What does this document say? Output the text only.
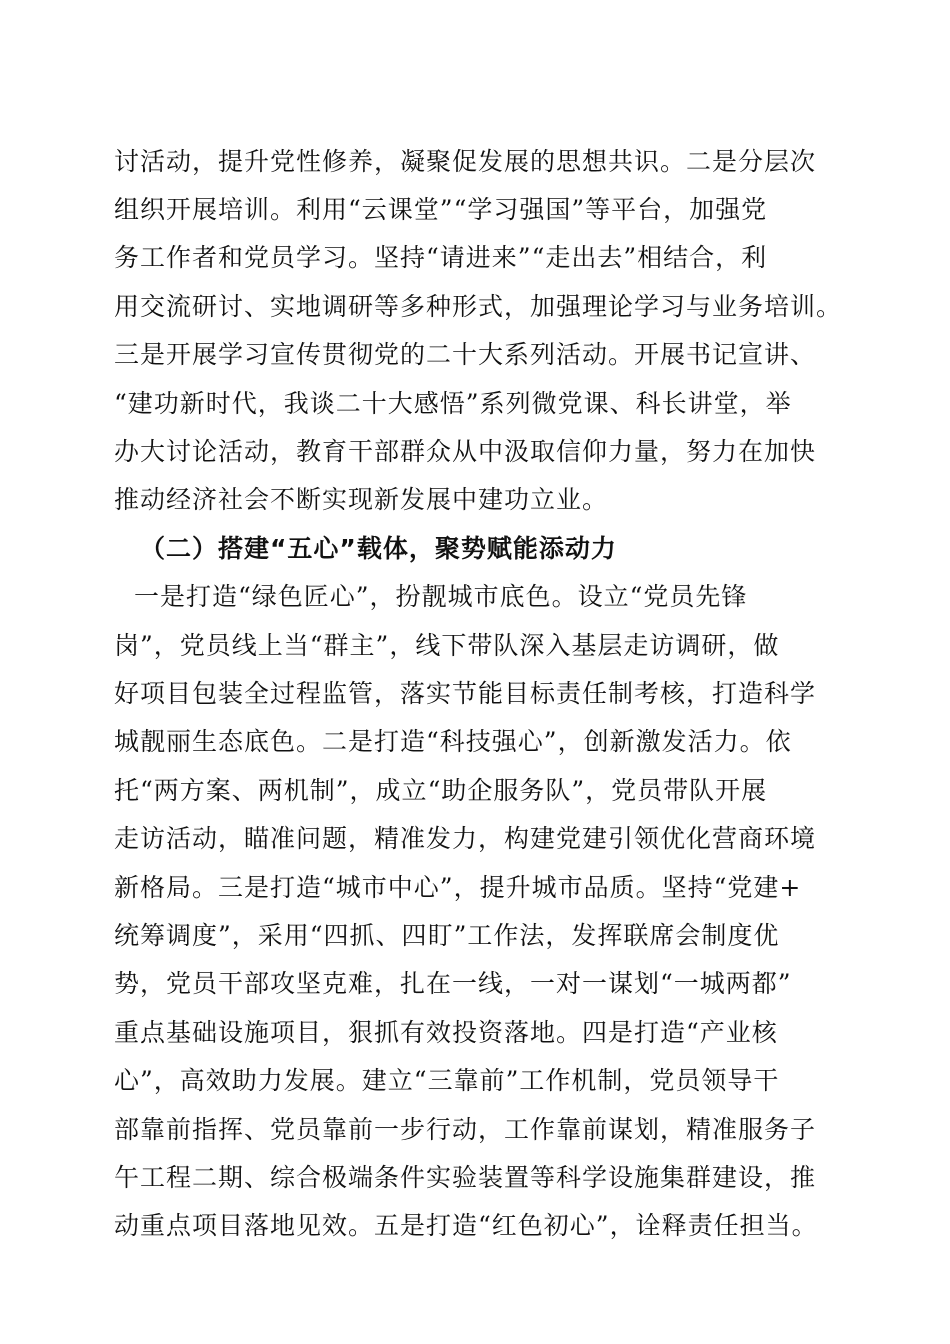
讨活动，提升党性修养，凝聚促发展的思想共识。二是分层次
组织开展培训。利用“云课堂”“学习强国”等平台，加强党
务工作者和党员学习。坚持“请进来”“走出去”相结合，利
用交流研讨、实地调研等多种形式，加强理论学习与业务培训。
三是开展学习宣传贯彻党的二十大系列活动。开展书记宣讲、
“建功新时代，我谈二十大感悟”系列微党课、科长讲堂，举
办大讨论活动，教育干部群众从中汲取信仰力量，努力在加快
推动经济社会不断实现新发展中建功立业。
（二）搭建“五心”载体，聚势赋能添动力
一是打造“绿色匠心”，扮靓城市底色。设立“党员先锋
岗”，党员线上当“群主”，线下带队深入基层走访调研，做
好项目包装全过程监管，落实节能目标责任制考核，打造科学
城靓丽生态底色。二是打造“科技强心”，创新激发活力。依
托“两方案、两机制”，成立“助企服务队”，党员带队开展
走访活动，瞄准问题，精准发力，构建党建引领优化营商环境
新格局。三是打造“城市中心”，提升城市品质。坚持“党建+
统筹调度”，采用“四抓、四盯”工作法，发挥联席会制度优
势，党员干部攻坚克难，扎在一线，一对一谋划“一城两都”
重点基础设施项目，狠抓有效投资落地。四是打造“产业核
心”，高效助力发展。建立“三靠前”工作机制，党员领导干
部靠前指挥、党员靠前一步行动，工作靠前谋划，精准服务子
午工程二期、综合极端条件实验装置等科学设施集群建设，推
动重点项目落地见效。五是打造“红色初心”，诠释责任担当。
